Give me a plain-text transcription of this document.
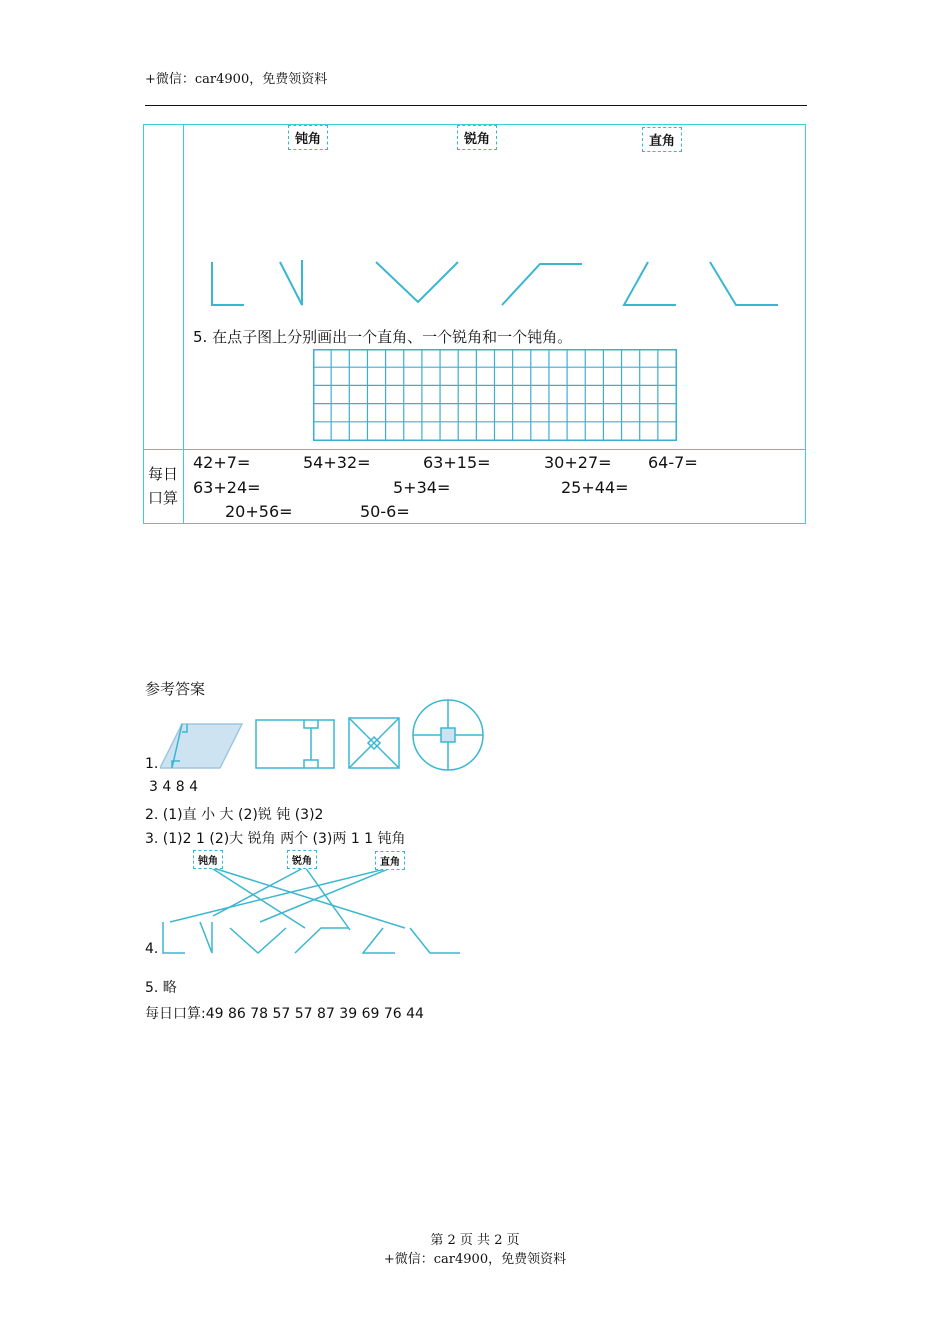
+微信：car4900，免费领资料
钝角	锐角	直角
5. 在点子图上分别画出一个直角、一个锐角和一个钝角。
每日
口算
42+7=	54+32=	63+15=	30+27= 64-7=
63+24=	5+34=	25+44=
20+56=	50-6=
参考答案
1.
3 4 8 4
2. (1)直 小 大 (2)锐 钝 (3)2
3. (1)2 1 (2)大 锐角 两个 (3)两 1 1 钝角
钝角	锐角	直角
4.
5. 略
每日口算:49 86 78 57 57 87 39 69 76 44
第 2 页 共 2 页
+微信：car4900，免费领资料
